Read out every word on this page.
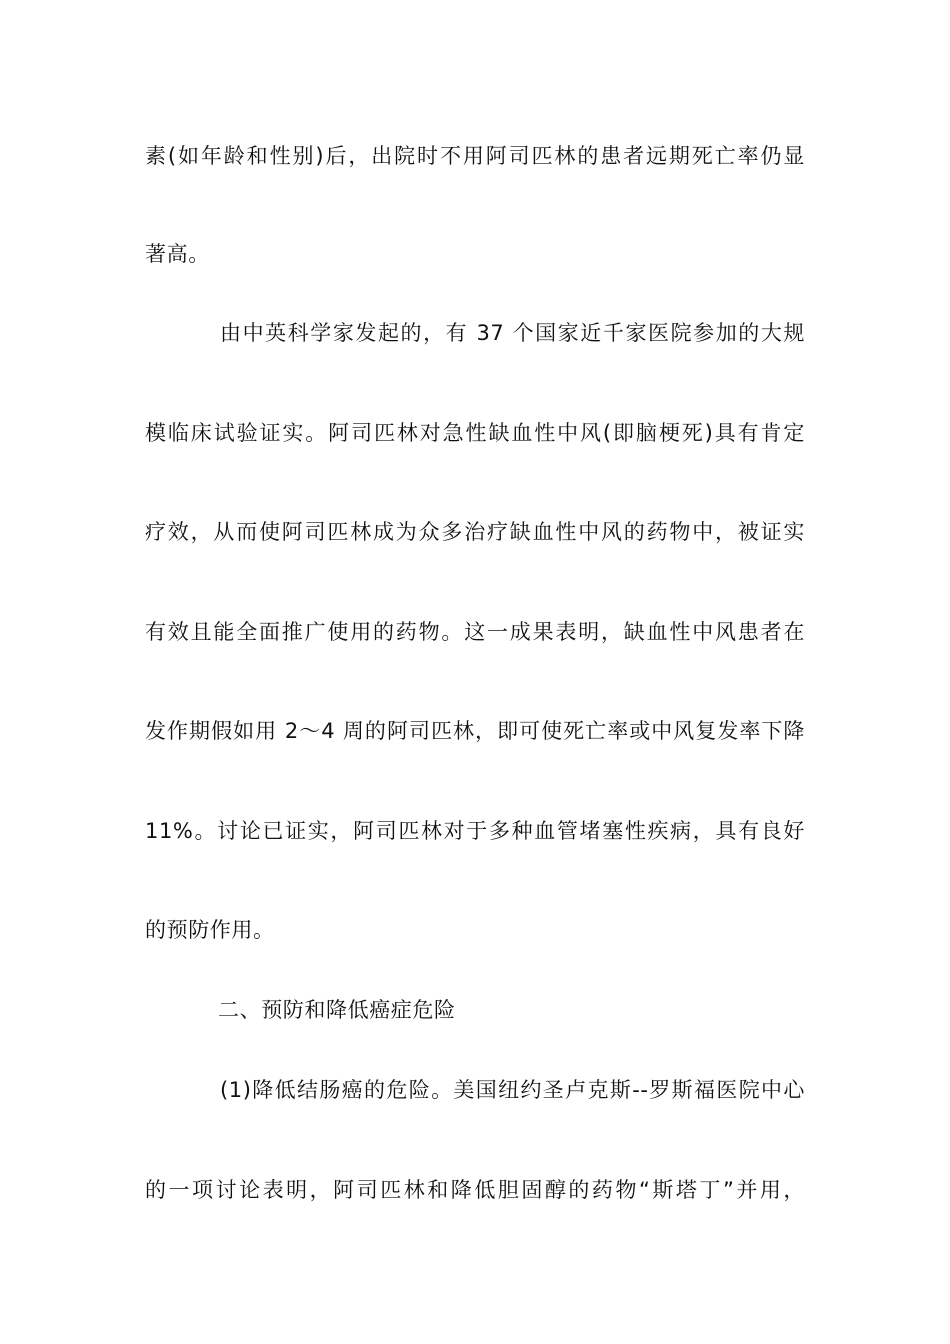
素(如年龄和性别)后，出院时不用阿司匹林的患者远期死亡率仍显
著高。
由中英科学家发起的，有 37 个国家近千家医院参加的大规
模临床试验证实。阿司匹林对急性缺血性中风(即脑梗死)具有肯定
疗效，从而使阿司匹林成为众多治疗缺血性中风的药物中，被证实
有效且能全面推广使用的药物。这一成果表明，缺血性中风患者在
发作期假如用 2～4 周的阿司匹林，即可使死亡率或中风复发率下降
11%。讨论已证实，阿司匹林对于多种血管堵塞性疾病，具有良好
的预防作用。
二、预防和降低癌症危险
(1)降低结肠癌的危险。美国纽约圣卢克斯--罗斯福医院中心
的一项讨论表明，阿司匹林和降低胆固醇的药物“斯塔丁”并用，
